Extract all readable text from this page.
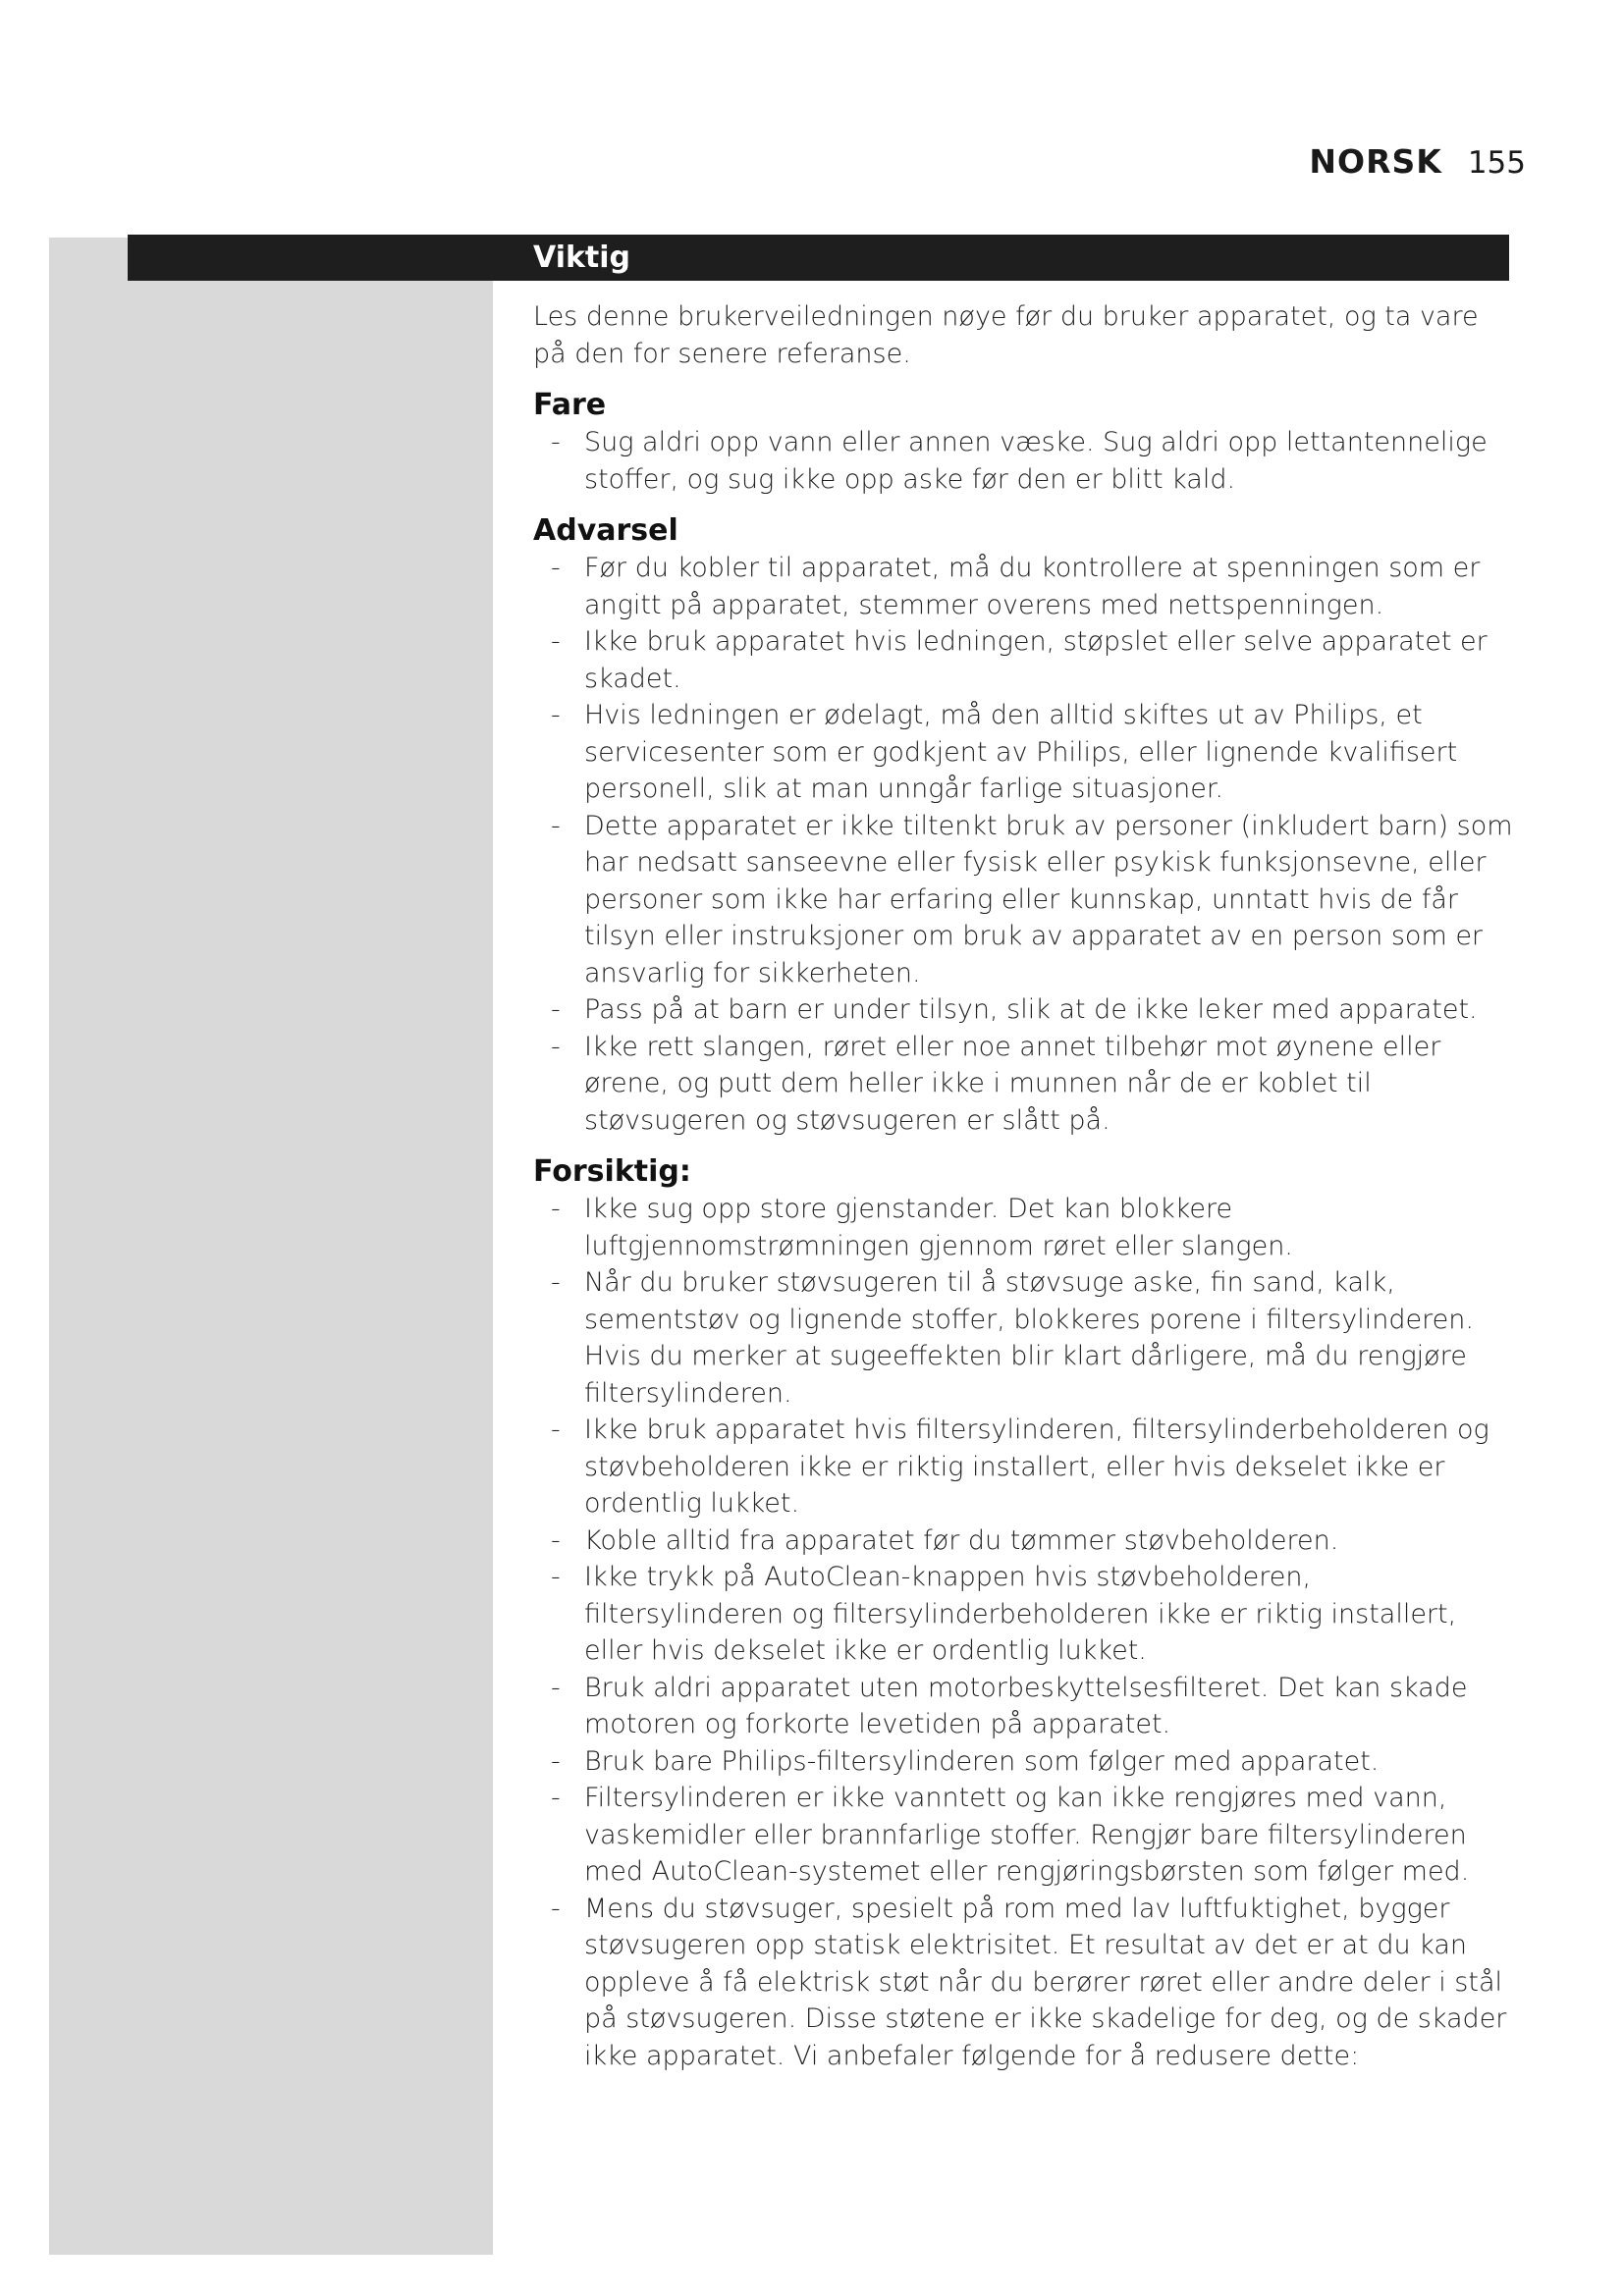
NORSK 155
Viktig

Les denne brukerveiledningen nøye før du bruker apparatet, og ta vare på den for senere referanse.

Fare
- Sug aldri opp vann eller annen væske. Sug aldri opp lettantennelige stoffer, og sug ikke opp aske før den er blitt kald.
Advarsel
- Før du kobler til apparatet, må du kontrollere at spenningen som er angitt på apparatet, stemmer overens med nettspenningen.
- Ikke bruk apparatet hvis ledningen, støpslet eller selve apparatet er skadet.
- Hvis ledningen er ødelagt, må den alltid skiftes ut av Philips, et servicesenter som er godkjent av Philips, eller lignende kvalifisert personell, slik at man unngår farlige situasjoner.
- Dette apparatet er ikke tiltenkt bruk av personer (inkludert barn) som har nedsatt sanseevne eller fysisk eller psykisk funksjonsevne, eller personer som ikke har erfaring eller kunnskap, unntatt hvis de får tilsyn eller instruksjoner om bruk av apparatet av en person som er ansvarlig for sikkerheten.
- Pass på at barn er under tilsyn, slik at de ikke leker med apparatet.
- Ikke rett slangen, røret eller noe annet tilbehør mot øynene eller ørene, og putt dem heller ikke i munnen når de er koblet til støvsugeren og støvsugeren er slått på.
Forsiktig:
- Ikke sug opp store gjenstander. Det kan blokkere luftgjennomstrømningen gjennom røret eller slangen.
- Når du bruker støvsugeren til å støvsuge aske, fin sand, kalk, sementstøv og lignende stoffer, blokkeres porene i filtersylinderen. Hvis du merker at sugeeffekten blir klart dårligere, må du rengjøre filtersylinderen.
- Ikke bruk apparatet hvis filtersylinderen, filtersylinderbeholderen og støvbeholderen ikke er riktig installert, eller hvis dekselet ikke er ordentlig lukket.
- Koble alltid fra apparatet før du tømmer støvbeholderen.
- Ikke trykk på AutoClean-knappen hvis støvbeholderen, filtersylinderen og filtersylinderbeholderen ikke er riktig installert, eller hvis dekselet ikke er ordentlig lukket.
- Bruk aldri apparatet uten motorbeskyttelsesfilteret. Det kan skade motoren og forkorte levetiden på apparatet.
- Bruk bare Philips-filtersylinderen som følger med apparatet.
- Filtersylinderen er ikke vanntett og kan ikke rengjøres med vann, vaskemidler eller brannfarlige stoffer. Rengjør bare filtersylinderen med AutoClean-systemet eller rengjøringsbørsten som følger med.
- Mens du støvsuger, spesielt på rom med lav luftfuktighet, bygger støvsugeren opp statisk elektrisitet. Et resultat av det er at du kan oppleve å få elektrisk støt når du berører røret eller andre deler i stål på støvsugeren. Disse støtene er ikke skadelige for deg, og de skader ikke apparatet. Vi anbefaler følgende for å redusere dette:
